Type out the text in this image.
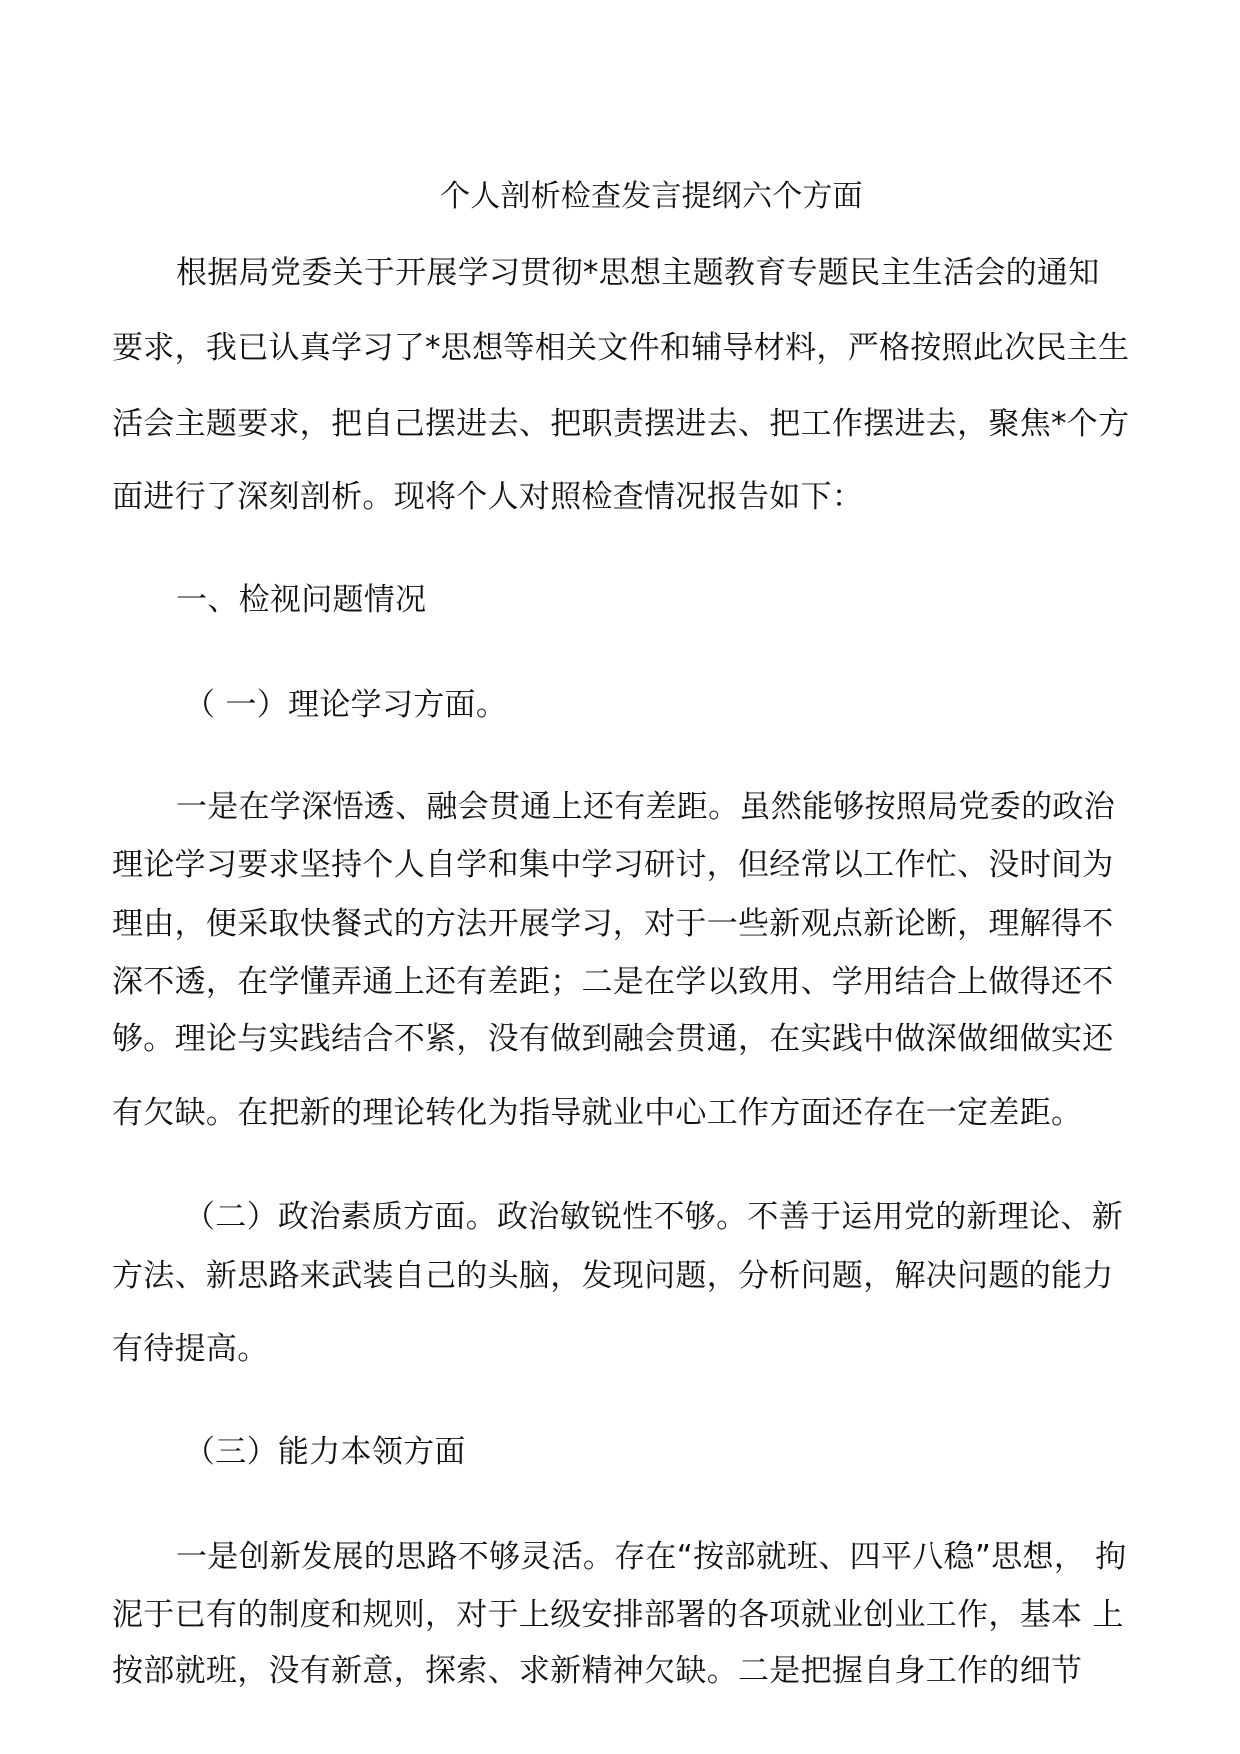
个人剖析检查发言提纲六个方面
根据局党委关于开展学习贯彻*思想主题教育专题民主生活会的通知
要求，我已认真学习了*思想等相关文件和辅导材料，严格按照此次民主生
活会主题要求，把自己摆进去、把职责摆进去、把工作摆进去，聚焦*个方
面进行了深刻剖析。现将个人对照检查情况报告如下：
一、检视问题情况
（ 一）理论学习方面。
一是在学深悟透、融会贯通上还有差距。虽然能够按照局党委的政治
理论学习要求坚持个人自学和集中学习研讨，但经常以工作忙、没时间为
理由，便采取快餐式的方法开展学习，对于一些新观点新论断，理解得不
深不透，在学懂弄通上还有差距；二是在学以致用、学用结合上做得还不
够。理论与实践结合不紧，没有做到融会贯通，在实践中做深做细做实还
有欠缺。在把新的理论转化为指导就业中心工作方面还存在一定差距。
（二）政治素质方面。政治敏锐性不够。不善于运用党的新理论、新
方法、新思路来武装自己的头脑，发现问题，分析问题，解决问题的能力
有待提高。
（三）能力本领方面
一是创新发展的思路不够灵活。存在“按部就班、四平八稳”思想， 拘
泥于已有的制度和规则，对于上级安排部署的各项就业创业工作，基本 上
按部就班，没有新意，探索、求新精神欠缺。二是把握自身工作的细节
